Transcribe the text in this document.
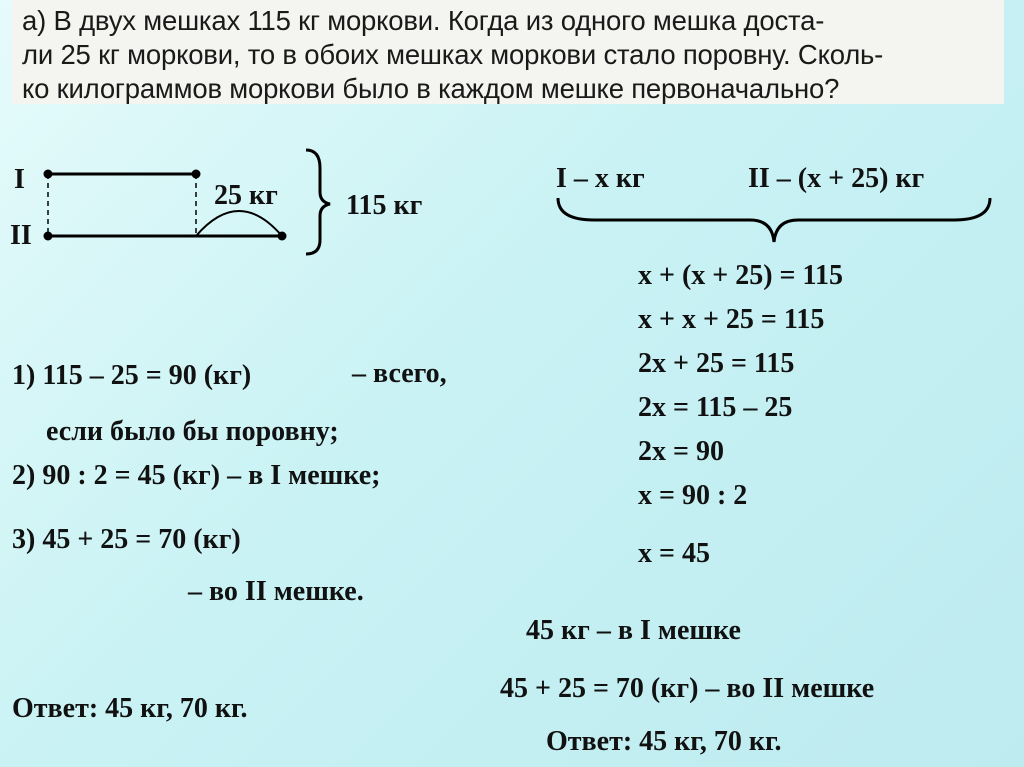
а) В двух мешках 115 кг моркови. Когда из одного мешка доста-
ли 25 кг моркови, то в обоих мешках моркови стало поровну. Сколь-
ко килограммов моркови было в каждом мешке первоначально?
I
II
25 кг 115 кг
1) 115 – 25 = 90 (кг)	– всего,
если было бы поровну;
2) 90 : 2 = 45 (кг) – в I мешке;
3) 45 + 25 = 70 (кг)
– во II мешке.
Ответ: 45 кг, 70 кг.
I – x кг	II – (x + 25) кг
x + (x + 25) = 115
x + x + 25 = 115
2x + 25 = 115
2x = 115 – 25
2x = 90
x = 90 : 2
x = 45
45 кг – в I мешке
45 + 25 = 70 (кг) – во II мешке
Ответ: 45 кг, 70 кг.
